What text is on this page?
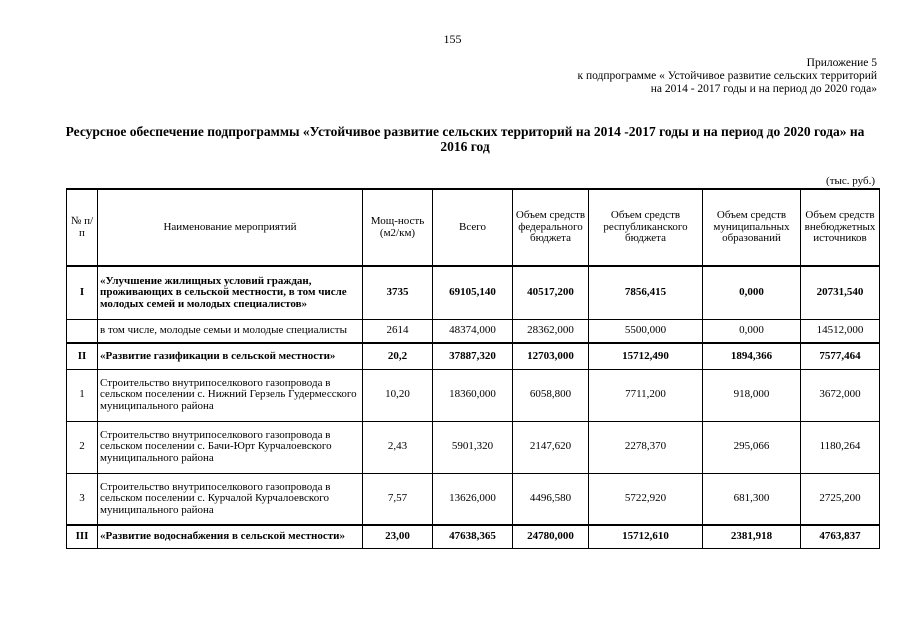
155
Приложение 5
к подпрограмме « Устойчивое развитие сельских территорий
на 2014 - 2017 годы и на период до 2020 года»
Ресурсное обеспечение подпрограммы «Устойчивое развитие сельских территорий на 2014 -2017 годы и на период до 2020 года» на 2016 год
(тыс. руб.)
№ п/п	Наименование мероприятий	Мощ-ность (м2/км)	Всего	Объем средств федерального бюджета	Объем средств республиканского бюджета	Объем средств муниципальных образований	Объем средств внебюджетных источников
I	«Улучшение жилищных условий граждан, проживающих в сельской местности, в том числе молодых семей и молодых специалистов»	3735	69105,140	40517,200	7856,415	0,000	20731,540
	в том числе, молодые семьи и молодые специалисты	2614	48374,000	28362,000	5500,000	0,000	14512,000
II	«Развитие газификации в сельской местности»	20,2	37887,320	12703,000	15712,490	1894,366	7577,464
1	Строительство внутрипоселкового газопровода в сельском поселении с. Нижний Герзель Гудермесского муниципального района	10,20	18360,000	6058,800	7711,200	918,000	3672,000
2	Строительство внутрипоселкового газопровода в сельском поселении с. Бачи-Юрт Курчалоевского муниципального района	2,43	5901,320	2147,620	2278,370	295,066	1180,264
3	Строительство внутрипоселкового газопровода в сельском поселении с. Курчалой Курчалоевского муниципального района	7,57	13626,000	4496,580	5722,920	681,300	2725,200
III	«Развитие водоснабжения в сельской местности»	23,00	47638,365	24780,000	15712,610	2381,918	4763,837
